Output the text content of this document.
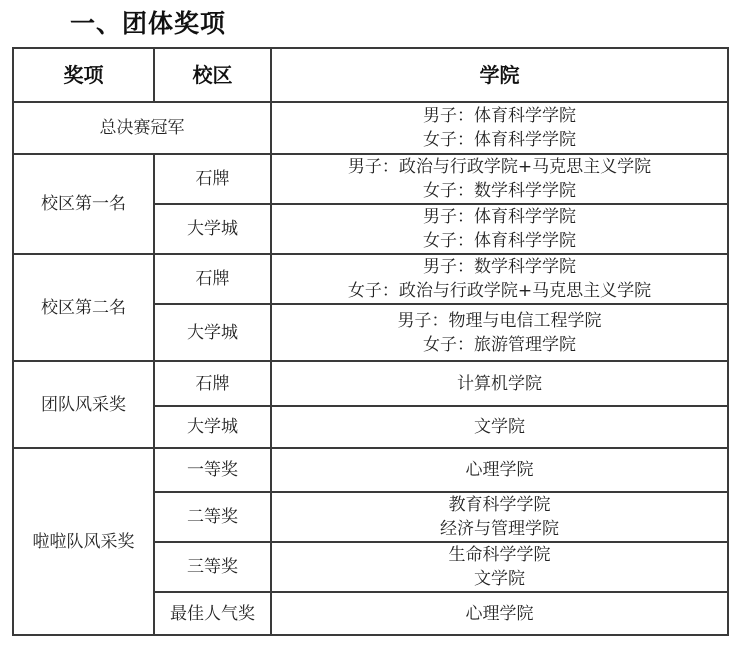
一、团体奖项
奖项	校区	学院
总决赛冠军		男子：体育科学学院
女子：体育科学学院

校区第一名	石牌	男子：政治与行政学院+马克思主义学院
女子：数学科学学院

	大学城	男子：体育科学学院
女子：体育科学学院

校区第二名	石牌	男子：数学科学学院
女子：政治与行政学院+马克思主义学院

	大学城	男子：物理与电信工程学院
女子：旅游管理学院

团队风采奖	石牌	计算机学院

	大学城	文学院

啦啦队风采奖	一等奖	心理学院

	二等奖	教育科学学院
经济与管理学院

	三等奖	生命科学学院
文学院

	最佳人气奖	心理学院
